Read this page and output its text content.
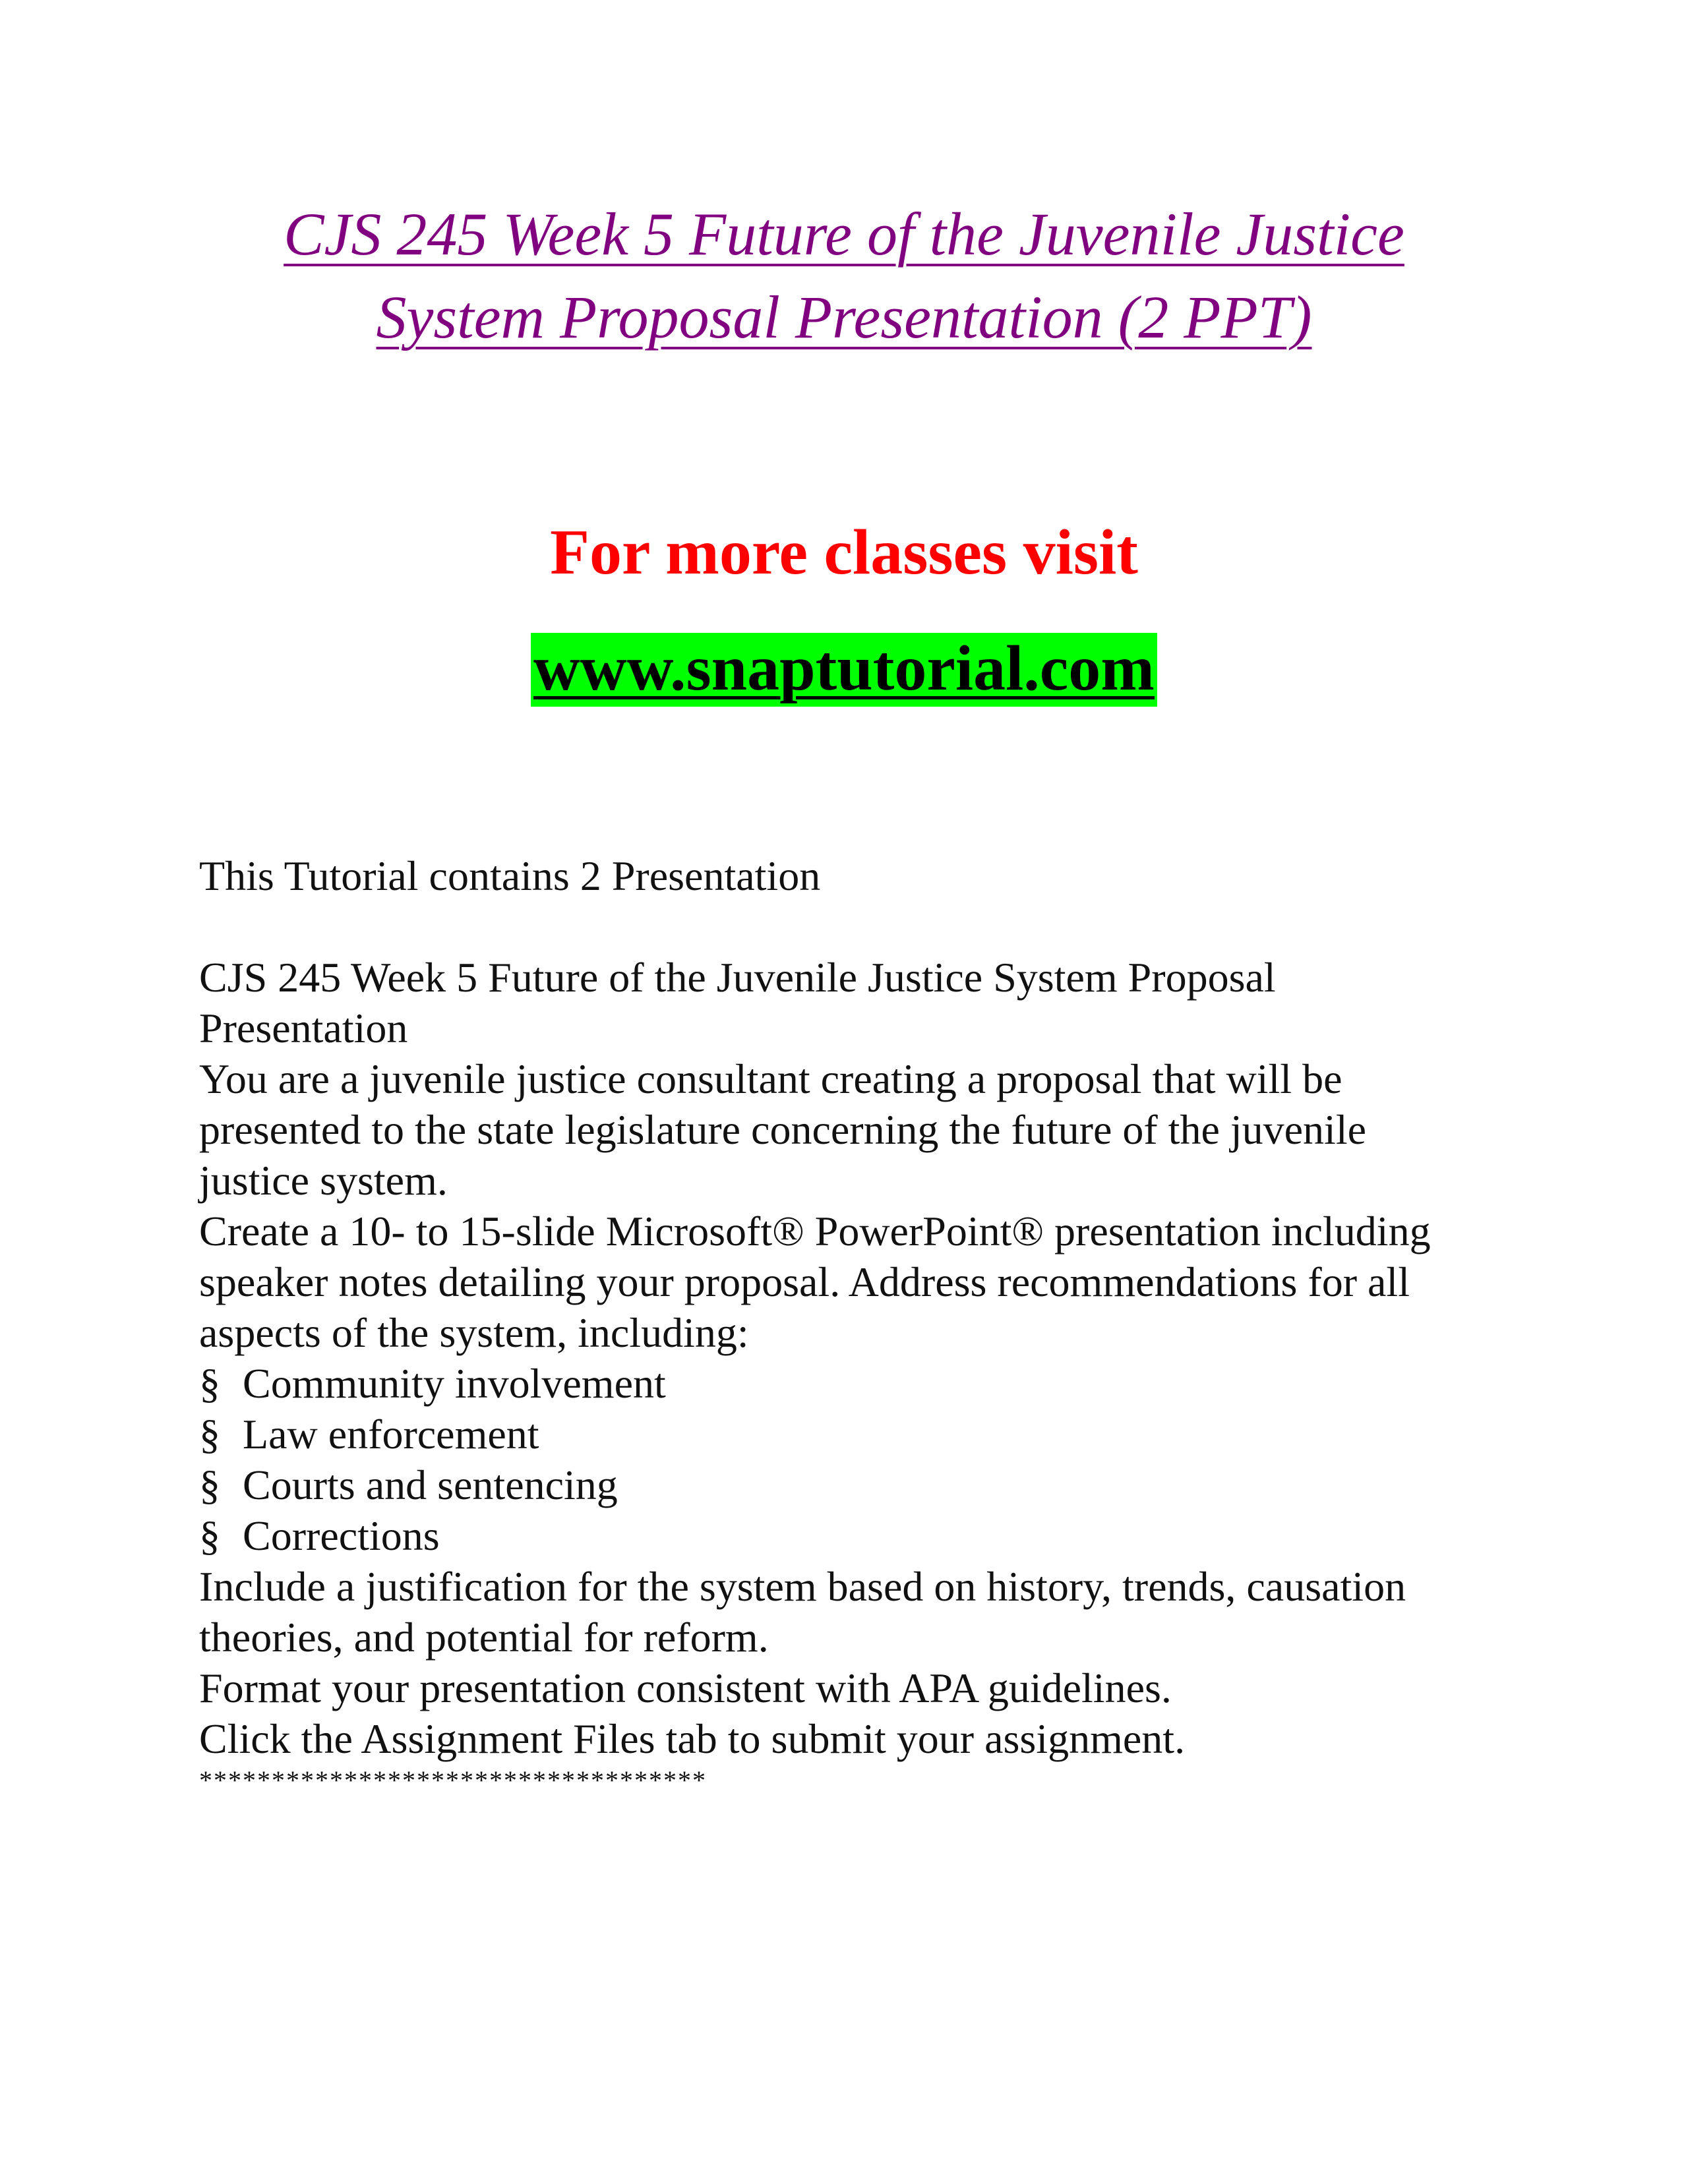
CJS 245 Week 5 Future of the Juvenile Justice
System Proposal Presentation (2 PPT)
For more classes visit
www.snaptutorial.com
This Tutorial contains 2 Presentation
CJS 245 Week 5 Future of the Juvenile Justice System Proposal
Presentation
You are a juvenile justice consultant creating a proposal that will be
presented to the state legislature concerning the future of the juvenile
justice system.
Create a 10- to 15-slide Microsoft® PowerPoint® presentation including
speaker notes detailing your proposal. Address recommendations for all
aspects of the system, including:
§ Community involvement
§ Law enforcement
§ Courts and sentencing
§ Corrections
Include a justification for the system based on history, trends, causation
theories, and potential for reform.
Format your presentation consistent with APA guidelines.
Click the Assignment Files tab to submit your assignment.
***********************************
